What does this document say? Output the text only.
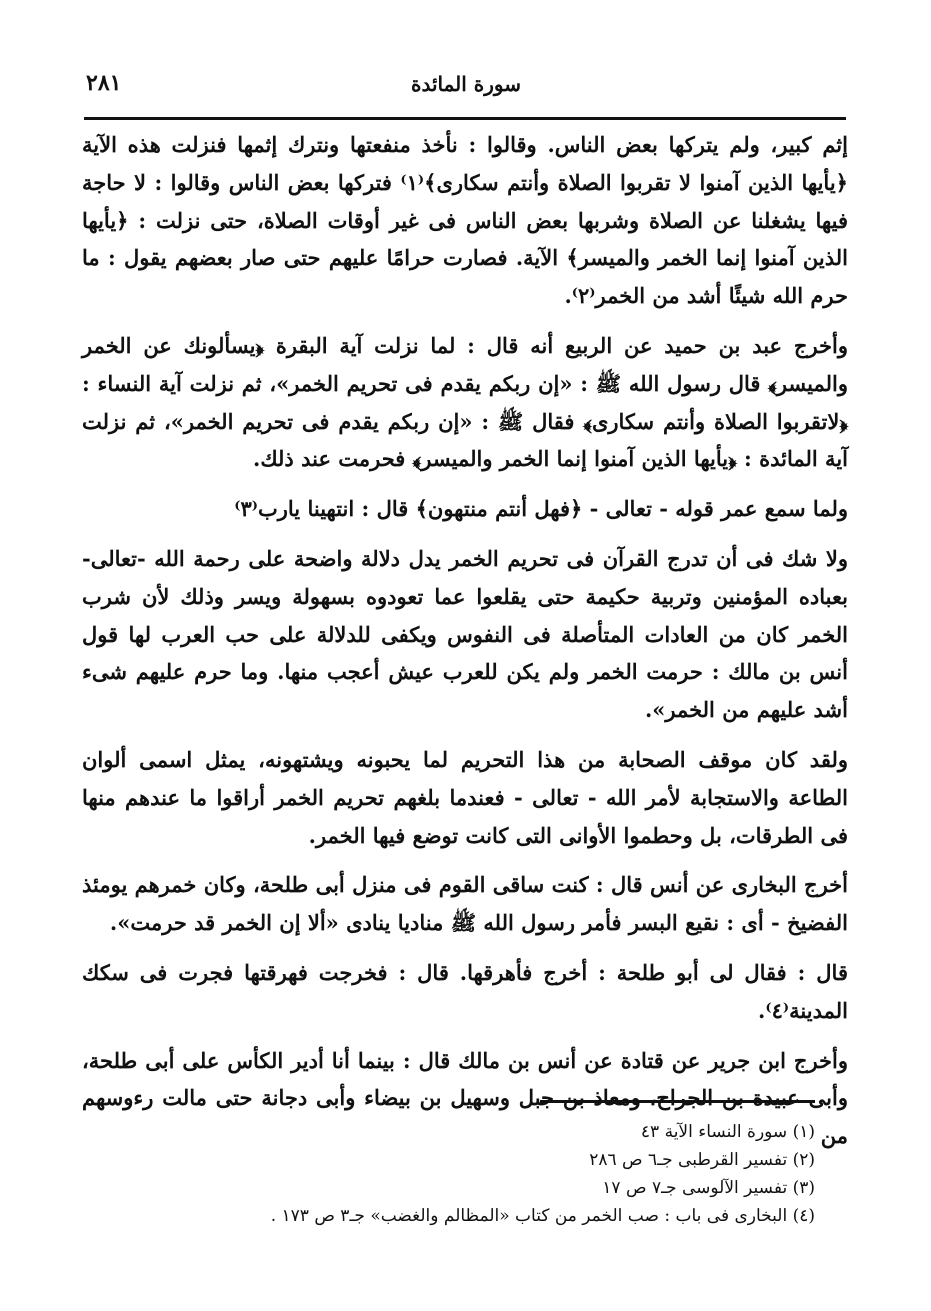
٢٨١	سورة المائدة

إثم كبير، ولم يتركها بعض الناس. وقالوا : نأخذ منفعتها ونترك إثمها فنزلت هذه الآية ﴿يأيها الذين آمنوا لا تقربوا الصلاة وأنتم سكارى﴾⁽١⁾ فتركها بعض الناس وقالوا : لا حاجة فيها يشغلنا عن الصلاة وشربها بعض الناس فى غير أوقات الصلاة، حتى نزلت : ﴿يأيها الذين آمنوا إنما الخمر والميسر﴾ الآية. فصارت حرامًا عليهم حتى صار بعضهم يقول : ما حرم الله شيئًا أشد من الخمر⁽٢⁾.

وأخرج عبد بن حميد عن الربيع أنه قال : لما نزلت آية البقرة ﴿يسألونك عن الخمر والميسر﴾ قال رسول الله ﷺ : «إن ربكم يقدم فى تحريم الخمر»، ثم نزلت آية النساء : ﴿لاتقربوا الصلاة وأنتم سكارى﴾ فقال ﷺ : «إن ربكم يقدم فى تحريم الخمر»، ثم نزلت آية المائدة : ﴿يأيها الذين آمنوا إنما الخمر والميسر﴾ فحرمت عند ذلك.

ولما سمع عمر قوله - تعالى - ﴿فهل أنتم منتهون﴾ قال : انتهينا يارب⁽٣⁾

ولا شك فى أن تدرج القرآن فى تحريم الخمر يدل دلالة واضحة على رحمة الله -تعالى- بعباده المؤمنين وتربية حكيمة حتى يقلعوا عما تعودوه بسهولة ويسر وذلك لأن شرب الخمر كان من العادات المتأصلة فى النفوس ويكفى للدلالة على حب العرب لها قول أنس بن مالك : حرمت الخمر ولم يكن للعرب عيش أعجب منها. وما حرم عليهم شىء أشد عليهم من الخمر».

ولقد كان موقف الصحابة من هذا التحريم لما يحبونه ويشتهونه، يمثل اسمى ألوان الطاعة والاستجابة لأمر الله - تعالى - فعندما بلغهم تحريم الخمر أراقوا ما عندهم منها فى الطرقات، بل وحطموا الأوانى التى كانت توضع فيها الخمر.

أخرج البخارى عن أنس قال : كنت ساقى القوم فى منزل أبى طلحة، وكان خمرهم يومئذ الفضيخ - أى : نقيع البسر فأمر رسول الله ﷺ مناديا ينادى «ألا إن الخمر قد حرمت».

قال : فقال لى أبو طلحة : أخرج فأهرقها. قال : فخرجت فهرقتها فجرت فى سكك المدينة⁽٤⁾.

وأخرج ابن جرير عن قتادة عن أنس بن مالك قال : بينما أنا أدير الكأس على أبى طلحة، وأبى عبيدة بن الجراح، ومعاذ بن جبل وسهيل بن بيضاء وأبى دجانة حتى مالت رءوسهم من

(١) سورة النساء الآية ٤٣
(٢) تفسير القرطبى جـ٦ ص ٢٨٦
(٣) تفسير الآلوسى جـ٧ ص ١٧
(٤) البخارى فى باب : صب الخمر من كتاب «المظالم والغضب» جـ٣ ص ١٧٣ .
